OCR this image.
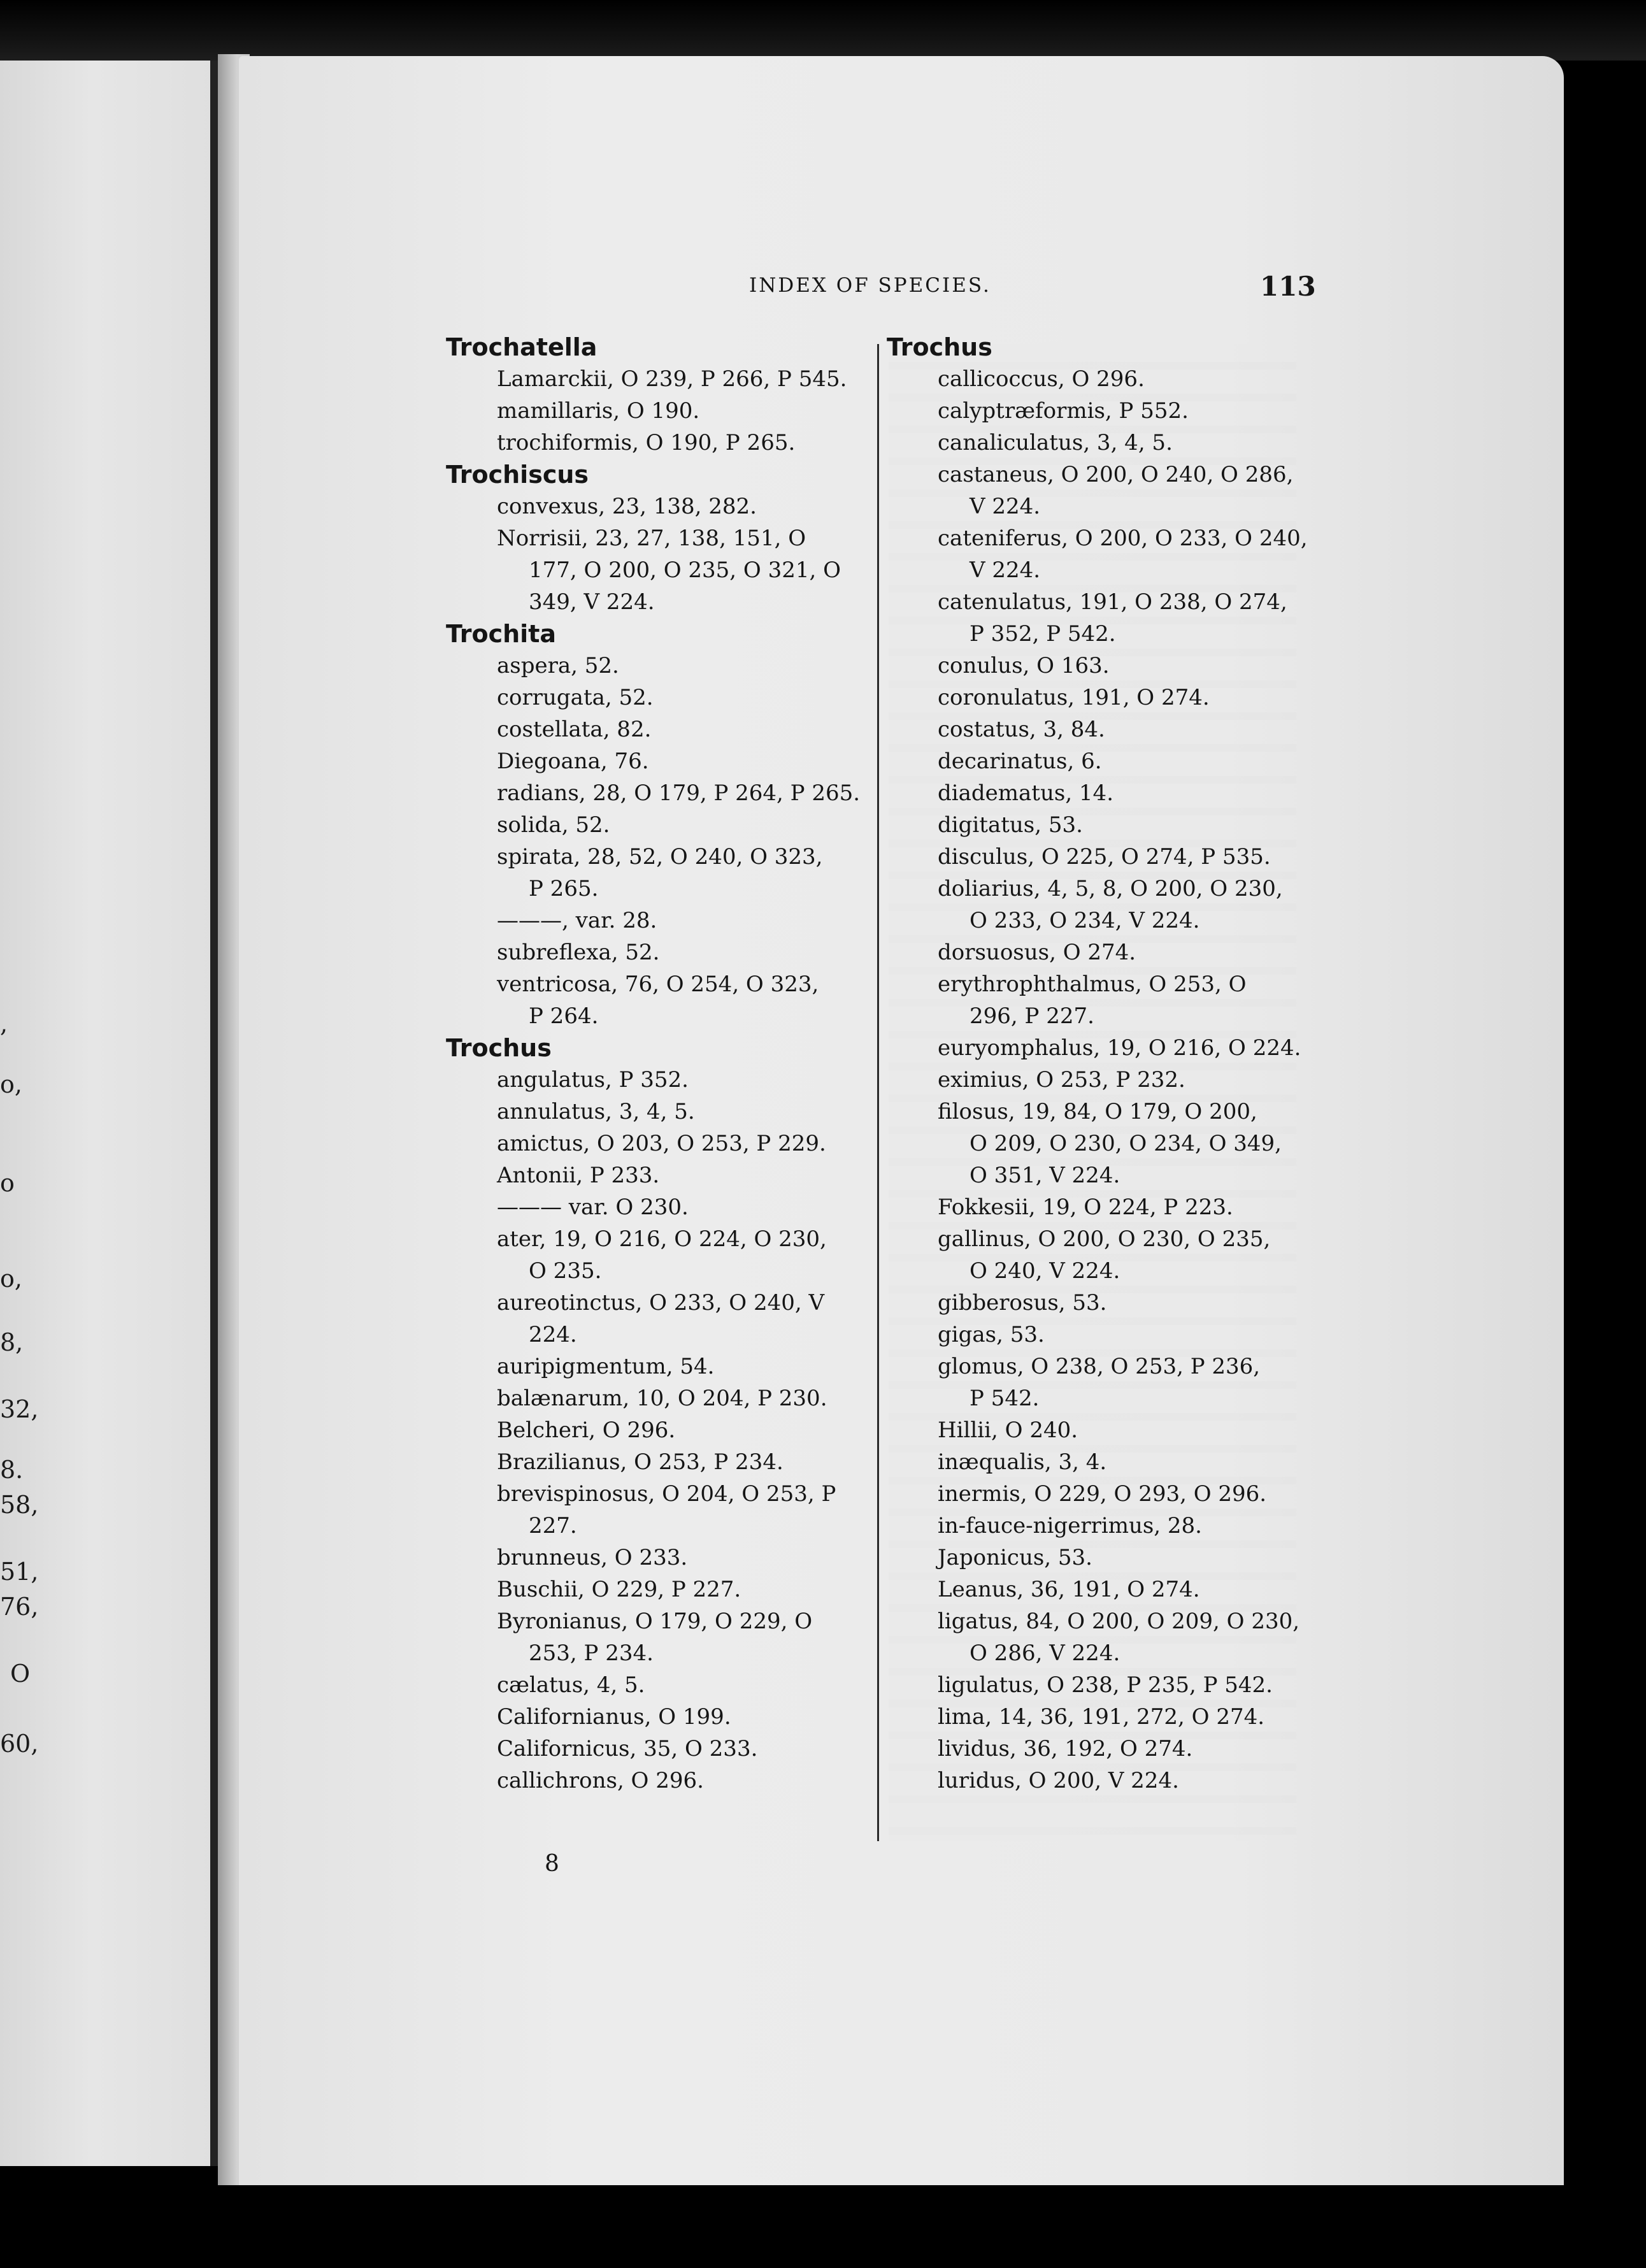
,
o,
o
o,
8,
32,
8.
58,
51,
76,
O
60,
INDEX OF SPECIES.	113
Trochatella
Lamarckii, O 239, P 266, P 545.
mamillaris, O 190.
trochiformis, O 190, P 265.
Trochiscus
convexus, 23, 138, 282.
Norrisii, 23, 27, 138, 151, O
177, O 200, O 235, O 321, O
349, V 224.
Trochita
aspera, 52.
corrugata, 52.
costellata, 82.
Diegoana, 76.
radians, 28, O 179, P 264, P 265.
solida, 52.
spirata, 28, 52, O 240, O 323,
P 265.
———, var. 28.
subreflexa, 52.
ventricosa, 76, O 254, O 323,
P 264.
Trochus
angulatus, P 352.
annulatus, 3, 4, 5.
amictus, O 203, O 253, P 229.
Antonii, P 233.
——— var. O 230.
ater, 19, O 216, O 224, O 230,
O 235.
aureotinctus, O 233, O 240, V
224.
auripigmentum, 54.
balænarum, 10, O 204, P 230.
Belcheri, O 296.
Brazilianus, O 253, P 234.
brevispinosus, O 204, O 253, P
227.
brunneus, O 233.
Buschii, O 229, P 227.
Byronianus, O 179, O 229, O
253, P 234.
cælatus, 4, 5.
Californianus, O 199.
Californicus, 35, O 233.
callichrons, O 296.
Trochus
callicoccus, O 296.
calyptræformis, P 552.
canaliculatus, 3, 4, 5.
castaneus, O 200, O 240, O 286,
V 224.
cateniferus, O 200, O 233, O 240,
V 224.
catenulatus, 191, O 238, O 274,
P 352, P 542.
conulus, O 163.
coronulatus, 191, O 274.
costatus, 3, 84.
decarinatus, 6.
diadematus, 14.
digitatus, 53.
disculus, O 225, O 274, P 535.
doliarius, 4, 5, 8, O 200, O 230,
O 233, O 234, V 224.
dorsuosus, O 274.
erythrophthalmus, O 253, O
296, P 227.
euryomphalus, 19, O 216, O 224.
eximius, O 253, P 232.
filosus, 19, 84, O 179, O 200,
O 209, O 230, O 234, O 349,
O 351, V 224.
Fokkesii, 19, O 224, P 223.
gallinus, O 200, O 230, O 235,
O 240, V 224.
gibberosus, 53.
gigas, 53.
glomus, O 238, O 253, P 236,
P 542.
Hillii, O 240.
inæqualis, 3, 4.
inermis, O 229, O 293, O 296.
in-fauce-nigerrimus, 28.
Japonicus, 53.
Leanus, 36, 191, O 274.
ligatus, 84, O 200, O 209, O 230,
O 286, V 224.
ligulatus, O 238, P 235, P 542.
lima, 14, 36, 191, 272, O 274.
lividus, 36, 192, O 274.
luridus, O 200, V 224.
8
